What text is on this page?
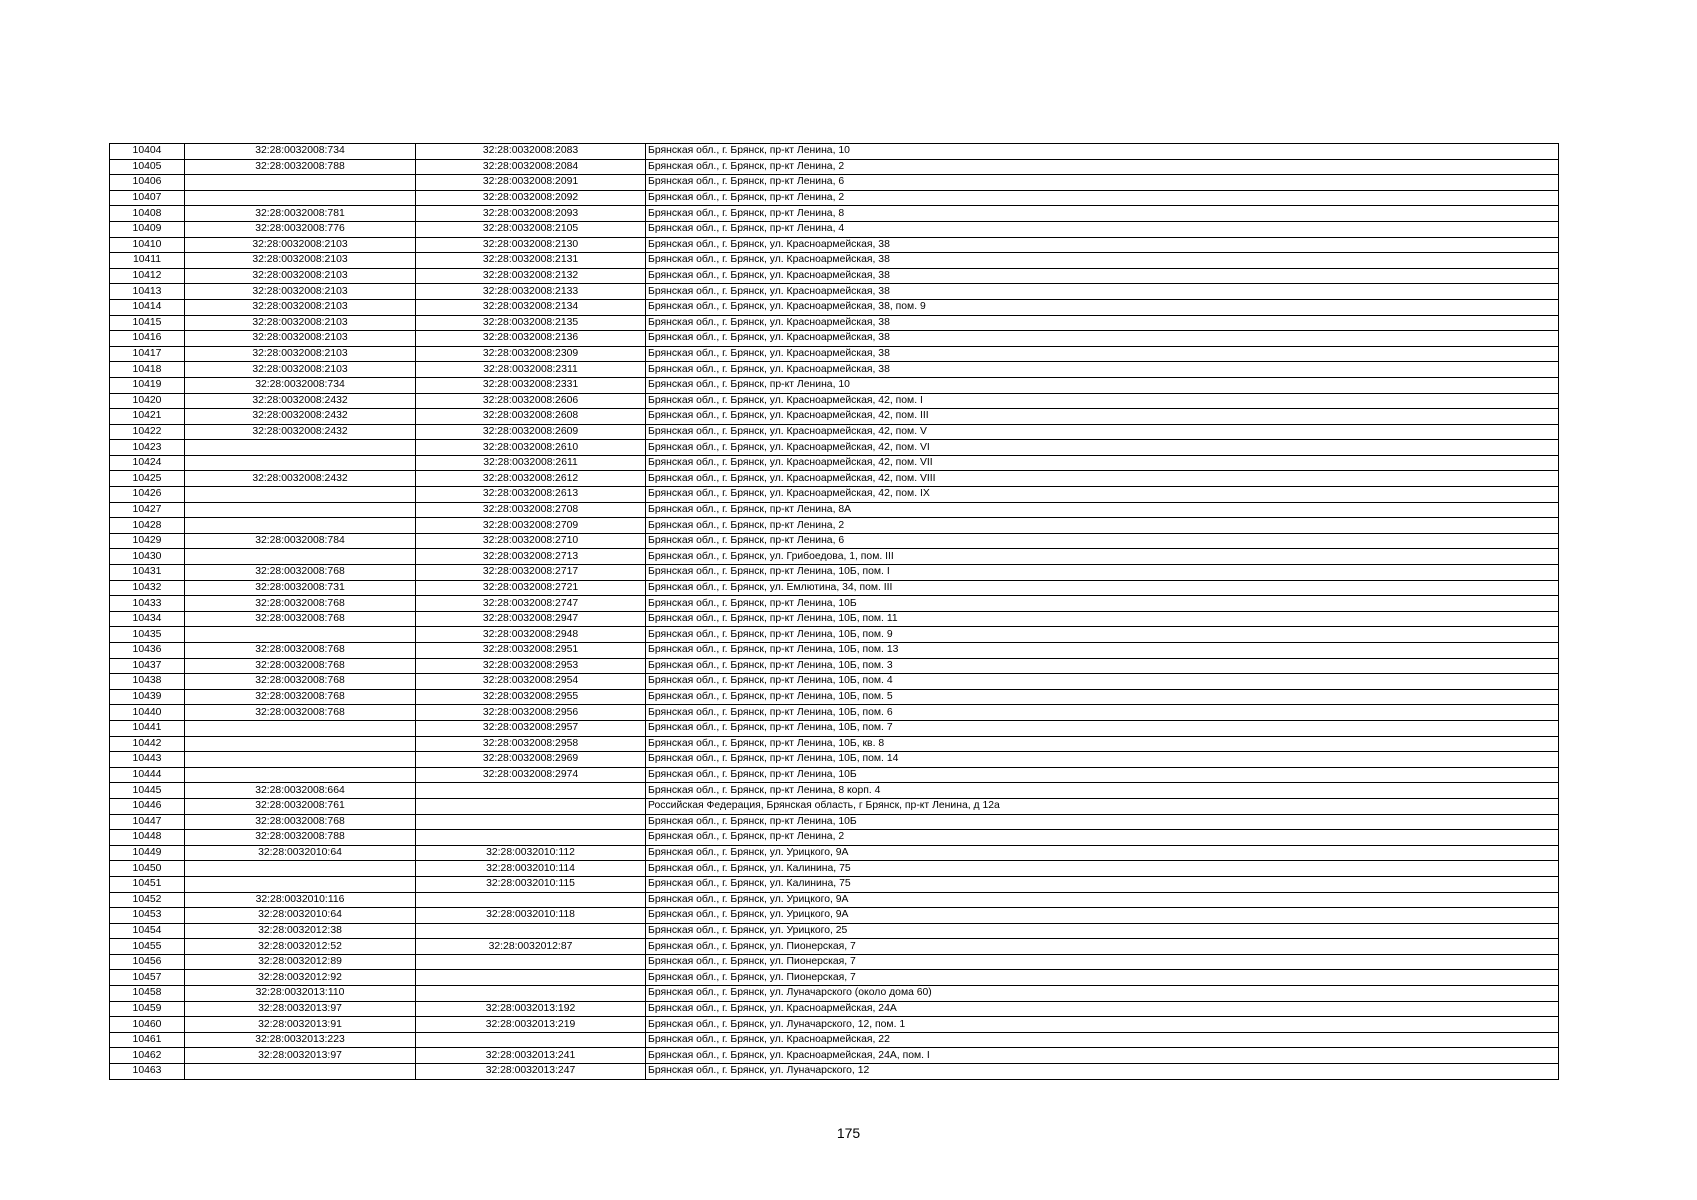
10404	32:28:0032008:734	32:28:0032008:2083	Брянская обл., г. Брянск, пр-кт Ленина, 10
10405	32:28:0032008:788	32:28:0032008:2084	Брянская обл., г. Брянск, пр-кт Ленина, 2
10406		32:28:0032008:2091	Брянская обл., г. Брянск, пр-кт Ленина, 6
10407		32:28:0032008:2092	Брянская обл., г. Брянск, пр-кт Ленина, 2
10408	32:28:0032008:781	32:28:0032008:2093	Брянская обл., г. Брянск, пр-кт Ленина, 8
10409	32:28:0032008:776	32:28:0032008:2105	Брянская обл., г. Брянск, пр-кт Ленина, 4
10410	32:28:0032008:2103	32:28:0032008:2130	Брянская обл., г. Брянск, ул. Красноармейская, 38
10411	32:28:0032008:2103	32:28:0032008:2131	Брянская обл., г. Брянск, ул. Красноармейская, 38
10412	32:28:0032008:2103	32:28:0032008:2132	Брянская обл., г. Брянск, ул. Красноармейская, 38
10413	32:28:0032008:2103	32:28:0032008:2133	Брянская обл., г. Брянск, ул. Красноармейская, 38
10414	32:28:0032008:2103	32:28:0032008:2134	Брянская обл., г. Брянск, ул. Красноармейская, 38, пом. 9
10415	32:28:0032008:2103	32:28:0032008:2135	Брянская обл., г. Брянск, ул. Красноармейская, 38
10416	32:28:0032008:2103	32:28:0032008:2136	Брянская обл., г. Брянск, ул. Красноармейская, 38
10417	32:28:0032008:2103	32:28:0032008:2309	Брянская обл., г. Брянск, ул. Красноармейская, 38
10418	32:28:0032008:2103	32:28:0032008:2311	Брянская обл., г. Брянск, ул. Красноармейская, 38
10419	32:28:0032008:734	32:28:0032008:2331	Брянская обл., г. Брянск, пр-кт Ленина, 10
10420	32:28:0032008:2432	32:28:0032008:2606	Брянская обл., г. Брянск, ул. Красноармейская, 42, пом. I
10421	32:28:0032008:2432	32:28:0032008:2608	Брянская обл., г. Брянск, ул. Красноармейская, 42, пом. III
10422	32:28:0032008:2432	32:28:0032008:2609	Брянская обл., г. Брянск, ул. Красноармейская, 42, пом. V
10423		32:28:0032008:2610	Брянская обл., г. Брянск, ул. Красноармейская, 42, пом. VI
10424		32:28:0032008:2611	Брянская обл., г. Брянск, ул. Красноармейская, 42, пом. VII
10425	32:28:0032008:2432	32:28:0032008:2612	Брянская обл., г. Брянск, ул. Красноармейская, 42, пом. VIII
10426		32:28:0032008:2613	Брянская обл., г. Брянск, ул. Красноармейская, 42, пом. IX
10427		32:28:0032008:2708	Брянская обл., г. Брянск, пр-кт Ленина, 8А
10428		32:28:0032008:2709	Брянская обл., г. Брянск, пр-кт Ленина, 2
10429	32:28:0032008:784	32:28:0032008:2710	Брянская обл., г. Брянск, пр-кт Ленина, 6
10430		32:28:0032008:2713	Брянская обл., г. Брянск, ул. Грибоедова, 1, пом. III
10431	32:28:0032008:768	32:28:0032008:2717	Брянская обл., г. Брянск, пр-кт Ленина, 10Б, пом. I
10432	32:28:0032008:731	32:28:0032008:2721	Брянская обл., г. Брянск, ул. Емлютина, 34, пом. III
10433	32:28:0032008:768	32:28:0032008:2747	Брянская обл., г. Брянск, пр-кт Ленина, 10Б
10434	32:28:0032008:768	32:28:0032008:2947	Брянская обл., г. Брянск, пр-кт Ленина, 10Б, пом. 11
10435		32:28:0032008:2948	Брянская обл., г. Брянск, пр-кт Ленина, 10Б, пом. 9
10436	32:28:0032008:768	32:28:0032008:2951	Брянская обл., г. Брянск, пр-кт Ленина, 10Б, пом. 13
10437	32:28:0032008:768	32:28:0032008:2953	Брянская обл., г. Брянск, пр-кт Ленина, 10Б, пом. 3
10438	32:28:0032008:768	32:28:0032008:2954	Брянская обл., г. Брянск, пр-кт Ленина, 10Б, пом. 4
10439	32:28:0032008:768	32:28:0032008:2955	Брянская обл., г. Брянск, пр-кт Ленина, 10Б, пом. 5
10440	32:28:0032008:768	32:28:0032008:2956	Брянская обл., г. Брянск, пр-кт Ленина, 10Б, пом. 6
10441		32:28:0032008:2957	Брянская обл., г. Брянск, пр-кт Ленина, 10Б, пом. 7
10442		32:28:0032008:2958	Брянская обл., г. Брянск, пр-кт Ленина, 10Б, кв. 8
10443		32:28:0032008:2969	Брянская обл., г. Брянск, пр-кт Ленина, 10Б, пом. 14
10444		32:28:0032008:2974	Брянская обл., г. Брянск, пр-кт Ленина, 10Б
10445	32:28:0032008:664		Брянская обл., г. Брянск, пр-кт Ленина, 8 корп. 4
10446	32:28:0032008:761		Российская Федерация, Брянская область, г Брянск, пр-кт Ленина, д 12а
10447	32:28:0032008:768		Брянская обл., г. Брянск, пр-кт Ленина, 10Б
10448	32:28:0032008:788		Брянская обл., г. Брянск, пр-кт Ленина, 2
10449	32:28:0032010:64	32:28:0032010:112	Брянская обл., г. Брянск, ул. Урицкого, 9А
10450		32:28:0032010:114	Брянская обл., г. Брянск, ул. Калинина, 75
10451		32:28:0032010:115	Брянская обл., г. Брянск, ул. Калинина, 75
10452	32:28:0032010:116		Брянская обл., г. Брянск, ул. Урицкого, 9А
10453	32:28:0032010:64	32:28:0032010:118	Брянская обл., г. Брянск, ул. Урицкого, 9А
10454	32:28:0032012:38		Брянская обл., г. Брянск, ул. Урицкого, 25
10455	32:28:0032012:52	32:28:0032012:87	Брянская обл., г. Брянск, ул. Пионерская, 7
10456	32:28:0032012:89		Брянская обл., г. Брянск, ул. Пионерская, 7
10457	32:28:0032012:92		Брянская обл., г. Брянск, ул. Пионерская, 7
10458	32:28:0032013:110		Брянская обл., г. Брянск, ул. Луначарского (около дома 60)
10459	32:28:0032013:97	32:28:0032013:192	Брянская обл., г. Брянск, ул. Красноармейская, 24А
10460	32:28:0032013:91	32:28:0032013:219	Брянская обл., г. Брянск, ул. Луначарского, 12, пом. 1
10461	32:28:0032013:223		Брянская обл., г. Брянск, ул. Красноармейская, 22
10462	32:28:0032013:97	32:28:0032013:241	Брянская обл., г. Брянск, ул. Красноармейская, 24А, пом. I
10463		32:28:0032013:247	Брянская обл., г. Брянск, ул. Луначарского, 12
175
